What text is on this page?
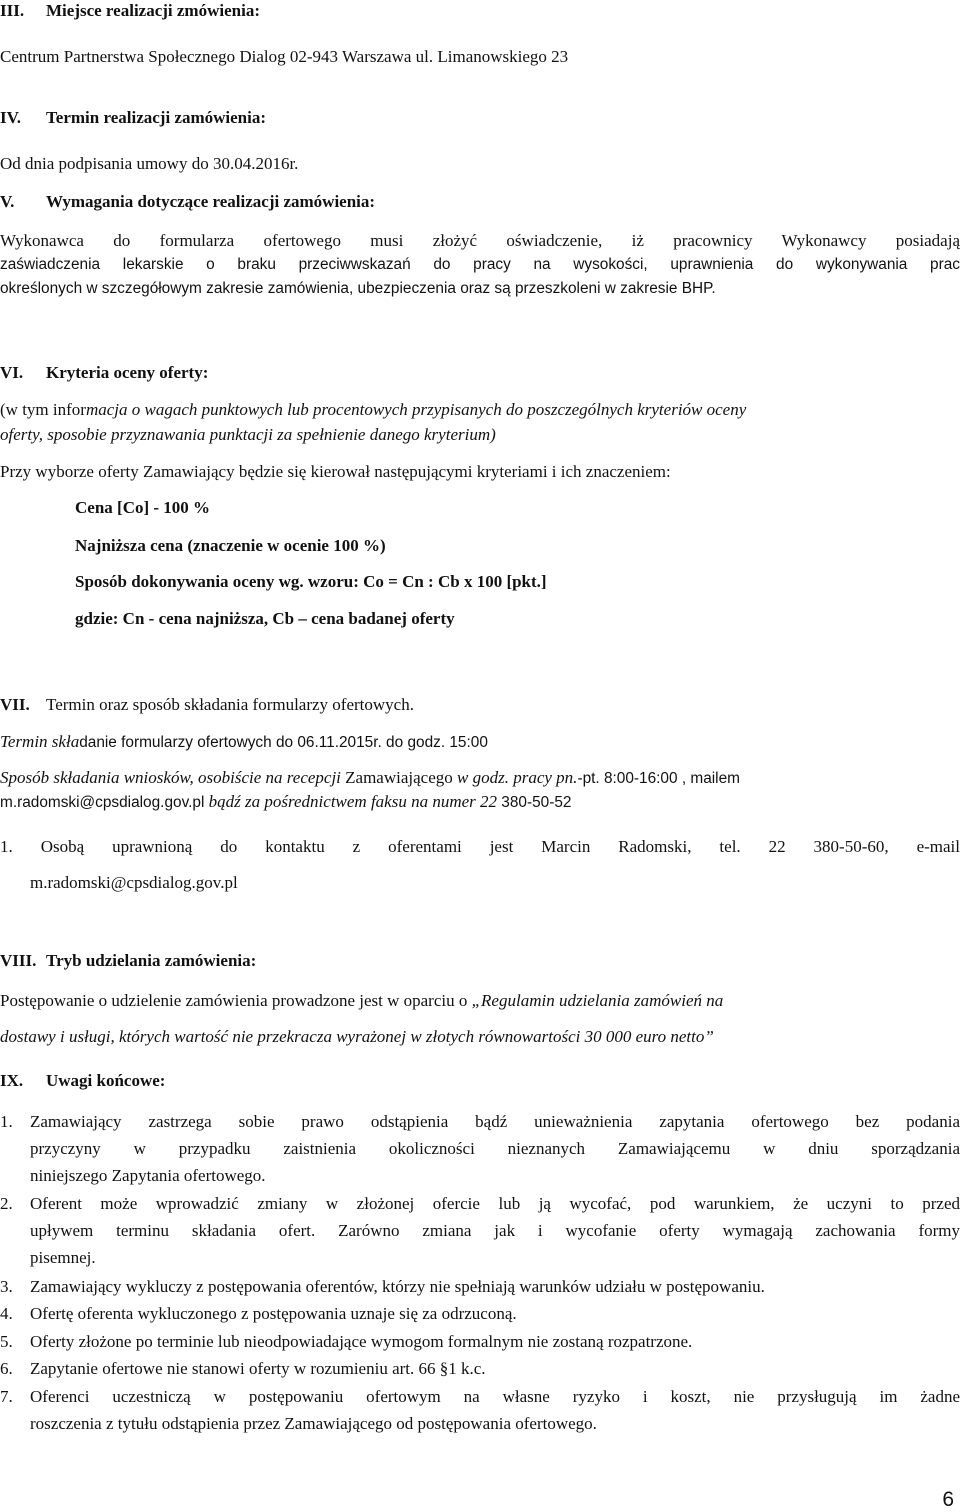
III. Miejsce realizacji zmówienia:
Centrum Partnerstwa Społecznego Dialog 02-943 Warszawa ul. Limanowskiego 23
IV. Termin realizacji zamówienia:
Od dnia podpisania umowy do 30.04.2016r.
V. Wymagania dotyczące realizacji zamówienia:
Wykonawca do formularza ofertowego musi złożyć oświadczenie, iż pracownicy Wykonawcy posiadają
zaświadczenia lekarskie o braku przeciwwskazań do pracy na wysokości, uprawnienia do wykonywania prac
określonych w szczegółowym zakresie zamówienia, ubezpieczenia oraz są przeszkoleni w zakresie BHP.
VI. Kryteria oceny oferty:
(w tym informacja o wagach punktowych lub procentowych przypisanych do poszczególnych kryteriów oceny
oferty, sposobie przyznawania punktacji za spełnienie danego kryterium)
Przy wyborze oferty Zamawiający będzie się kierował następującymi kryteriami i ich znaczeniem:
Cena [Co] - 100 %
Najniższa cena (znaczenie w ocenie 100 %)
Sposób dokonywania oceny wg. wzoru: Co = Cn : Cb x 100 [pkt.]
gdzie: Cn - cena najniższa, Cb – cena badanej oferty
VII. Termin oraz sposób składania formularzy ofertowych.
Termin składanie formularzy ofertowych do 06.11.2015r. do godz. 15:00
Sposób składania wniosków, osobiście na recepcji Zamawiającego w godz. pracy pn.-pt. 8:00-16:00 , mailem
m.radomski@cpsdialog.gov.pl bądź za pośrednictwem faksu na numer 22 380-50-52
1. Osobą uprawnioną do kontaktu z oferentami jest Marcin Radomski, tel. 22 380-50-60, e-mail
m.radomski@cpsdialog.gov.pl
VIII. Tryb udzielania zamówienia:
Postępowanie o udzielenie zamówienia prowadzone jest w oparciu o „Regulamin udzielania zamówień na
dostawy i usługi, których wartość nie przekracza wyrażonej w złotych równowartości 30 000 euro netto”
IX. Uwagi końcowe:
1. Zamawiający zastrzega sobie prawo odstąpienia bądź unieważnienia zapytania ofertowego bez podania
przyczyny w przypadku zaistnienia okoliczności nieznanych Zamawiającemu w dniu sporządzania
niniejszego Zapytania ofertowego.
2. Oferent może wprowadzić zmiany w złożonej ofercie lub ją wycofać, pod warunkiem, że uczyni to przed
upływem terminu składania ofert. Zarówno zmiana jak i wycofanie oferty wymagają zachowania formy
pisemnej.
3. Zamawiający wykluczy z postępowania oferentów, którzy nie spełniają warunków udziału w postępowaniu.
4. Ofertę oferenta wykluczonego z postępowania uznaje się za odrzuconą.
5. Oferty złożone po terminie lub nieodpowiadające wymogom formalnym nie zostaną rozpatrzone.
6. Zapytanie ofertowe nie stanowi oferty w rozumieniu art. 66 §1 k.c.
7. Oferenci uczestniczą w postępowaniu ofertowym na własne ryzyko i koszt, nie przysługują im żadne
roszczenia z tytułu odstąpienia przez Zamawiającego od postępowania ofertowego.
6
